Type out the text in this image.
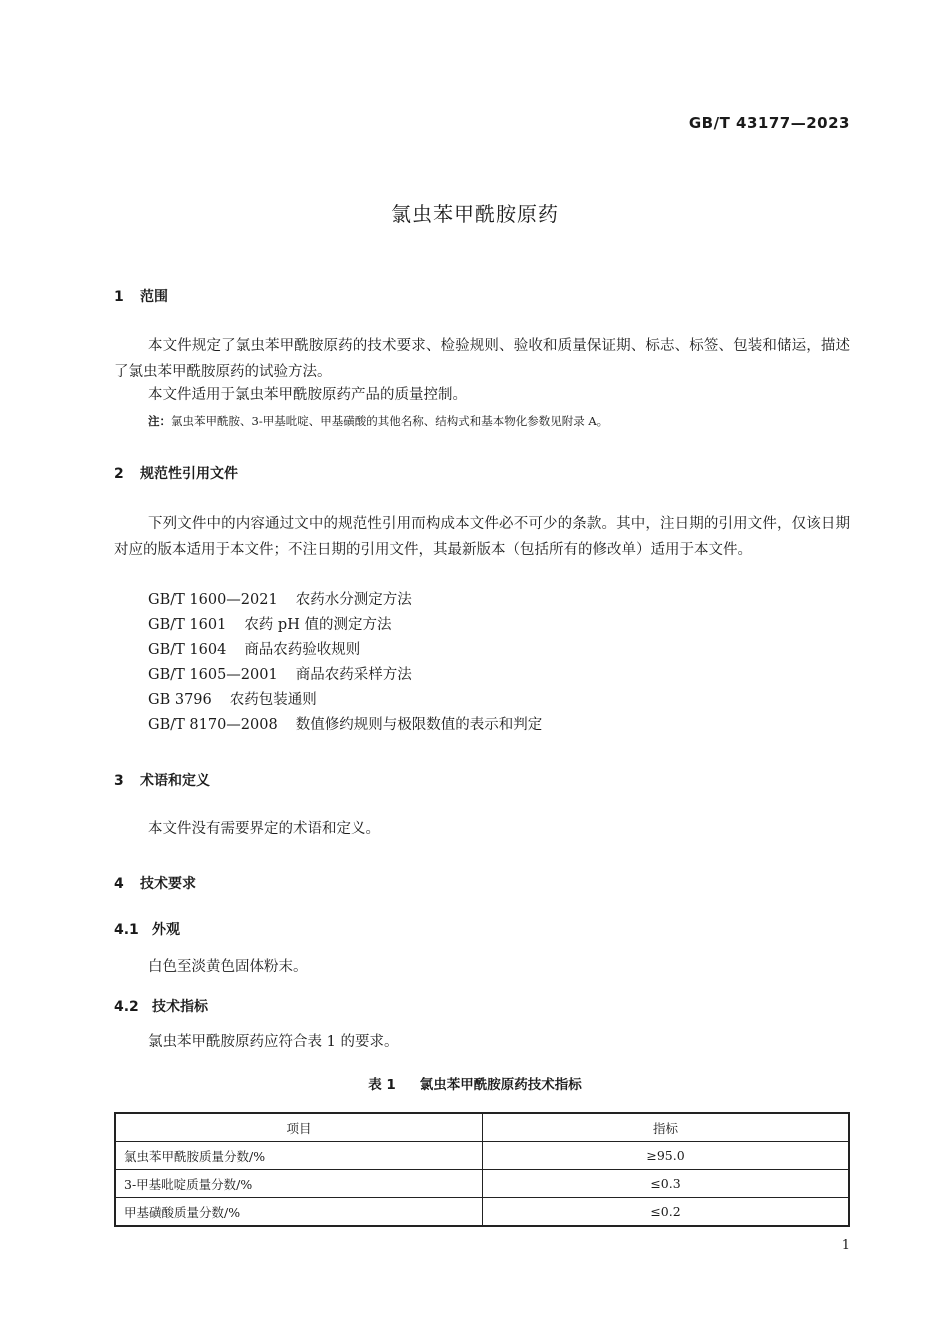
GB/T 43177—2023
氯虫苯甲酰胺原药
1 范围
本文件规定了氯虫苯甲酰胺原药的技术要求、检验规则、验收和质量保证期、标志、标签、包装和储运，描述了氯虫苯甲酰胺原药的试验方法。
本文件适用于氯虫苯甲酰胺原药产品的质量控制。
注：氯虫苯甲酰胺、3-甲基吡啶、甲基磺酸的其他名称、结构式和基本物化参数见附录 A。
2 规范性引用文件
下列文件中的内容通过文中的规范性引用而构成本文件必不可少的条款。其中，注日期的引用文件，仅该日期对应的版本适用于本文件；不注日期的引用文件，其最新版本（包括所有的修改单）适用于本文件。
GB/T 1600—2021 农药水分测定方法
GB/T 1601 农药 pH 值的测定方法
GB/T 1604 商品农药验收规则
GB/T 1605—2001 商品农药采样方法
GB 3796 农药包装通则
GB/T 8170—2008 数值修约规则与极限数值的表示和判定
3 术语和定义
本文件没有需要界定的术语和定义。
4 技术要求
4.1 外观
白色至淡黄色固体粉末。
4.2 技术指标
氯虫苯甲酰胺原药应符合表 1 的要求。
表 1 氯虫苯甲酰胺原药技术指标
项目	指标
氯虫苯甲酰胺质量分数/%	≥95.0
3-甲基吡啶质量分数/%	≤0.3
甲基磺酸质量分数/%	≤0.2
1
